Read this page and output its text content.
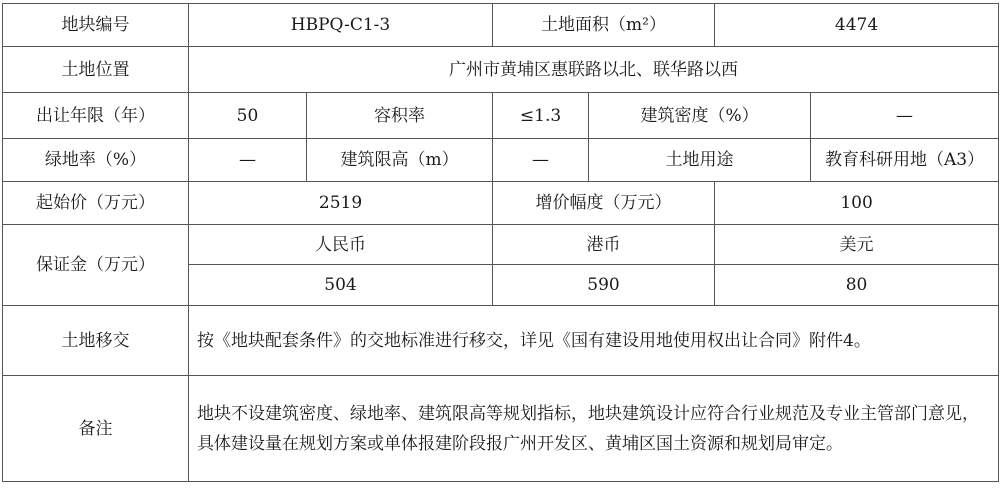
地块编号	HBPQ-C1-3		土地面积（m²）		4474	
土地位置	广州市黄埔区惠联路以北、联华路以西					
出让年限（年）	50	容积率	≤1.3	建筑密度（%）		—
绿地率（%）	—	建筑限高（m）	—	土地用途		教育科研用地（A3）
起始价（万元）	2519		增价幅度（万元）		100	
保证金（万元）	人民币		港币		美元	
	504		590		80	
土地移交	按《地块配套条件》的交地标准进行移交，详见《国有建设用地使用权出让合同》附件4。					
备注	地块不设建筑密度、绿地率、建筑限高等规划指标，地块建筑设计应符合行业规范及专业主管部门意见，具体建设量在规划方案或单体报建阶段报广州开发区、黄埔区国土资源和规划局审定。					
